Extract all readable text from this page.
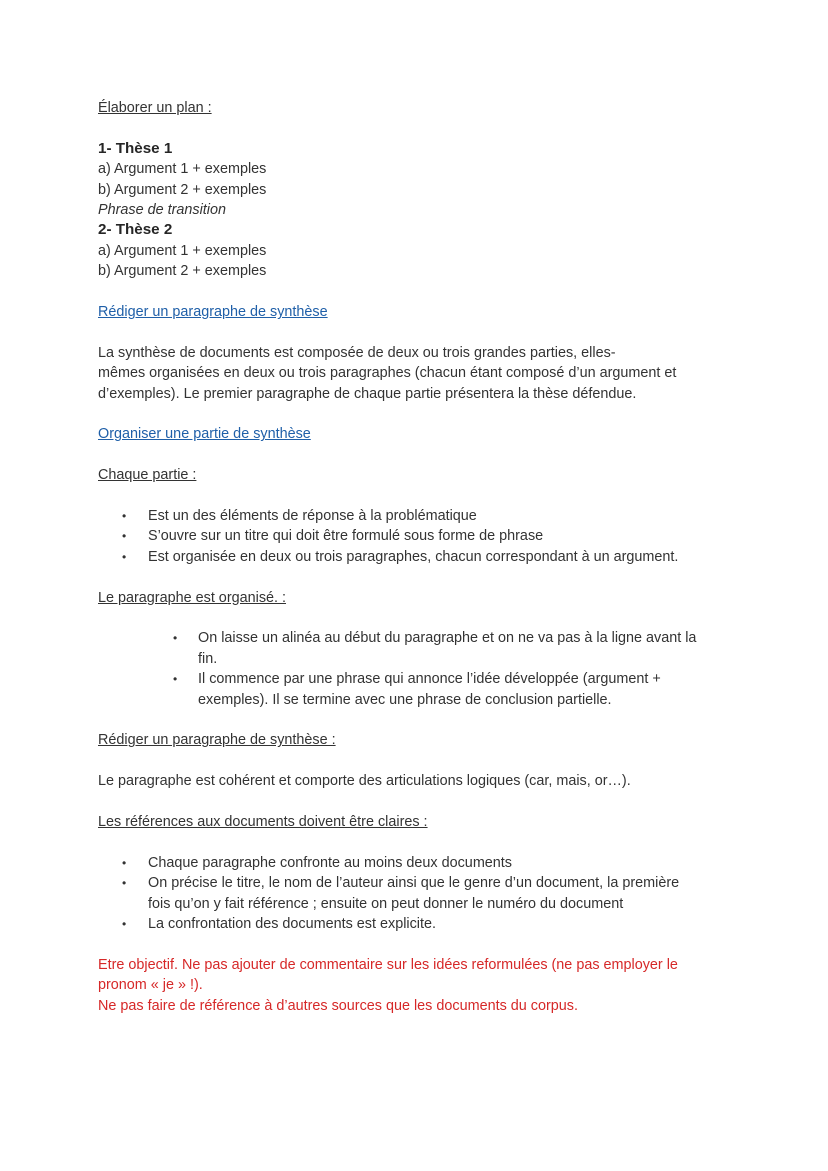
Élaborer un plan :

1- Thèse 1

a) Argument 1 + exemples

b) Argument 2 + exemples

Phrase de transition

2- Thèse 2

a) Argument 1 + exemples

b) Argument 2 + exemples

Rédiger un paragraphe de synthèse

La synthèse de documents est composée de deux ou trois grandes parties, elles-

mêmes organisées en deux ou trois paragraphes (chacun étant composé d’un argument et

d’exemples). Le premier paragraphe de chaque partie présentera la thèse défendue.

Organiser une partie de synthèse

Chaque partie :

• Est un des éléments de réponse à la problématique
• S’ouvre sur un titre qui doit être formulé sous forme de phrase
• Est organisée en deux ou trois paragraphes, chacun correspondant à un argument.

Le paragraphe est organisé. :

• On laisse un alinéa au début du paragraphe et on ne va pas à la ligne avant la
fin.
• Il commence par une phrase qui annonce l’idée développée (argument +
exemples). Il se termine avec une phrase de conclusion partielle.

Rédiger un paragraphe de synthèse :

Le paragraphe est cohérent et comporte des articulations logiques (car, mais, or…).

Les références aux documents doivent être claires :

• Chaque paragraphe confronte au moins deux documents
• On précise le titre, le nom de l’auteur ainsi que le genre d’un document, la première
fois qu’on y fait référence ; ensuite on peut donner le numéro du document
• La confrontation des documents est explicite.

Etre objectif. Ne pas ajouter de commentaire sur les idées reformulées (ne pas employer le

pronom « je » !).

Ne pas faire de référence à d’autres sources que les documents du corpus.
